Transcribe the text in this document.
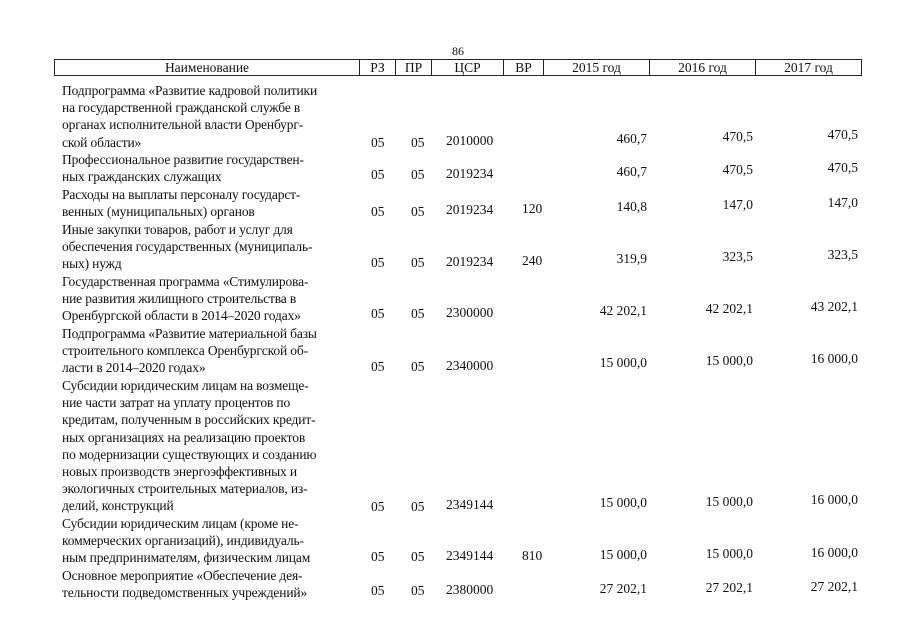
86
Наименование	РЗ	ПР	ЦСР	ВР	2015 год	2016 год	2017 год
Подпрограмма «Развитие кадровой политики
на государственной гражданской службе в
органах исполнительной власти Оренбург-
ской области»	05 05 2010000	460,7	470,5	470,5
Профессиональное развитие государствен-
ных гражданских служащих	05 05 2019234	460,7	470,5	470,5
Расходы на выплаты персоналу государст-
венных (муниципальных) органов	05 05 2019234 120	140,8	147,0	147,0
Иные закупки товаров, работ и услуг для
обеспечения государственных (муниципаль-
ных) нужд	05 05 2019234 240	319,9	323,5	323,5
Государственная программа «Стимулирова-
ние развития жилищного строительства в
Оренбургской области в 2014–2020 годах»	05 05 2300000	42 202,1	42 202,1	43 202,1
Подпрограмма «Развитие материальной базы
строительного комплекса Оренбургской об-
ласти в 2014–2020 годах»	05 05 2340000	15 000,0	15 000,0	16 000,0
Субсидии юридическим лицам на возмеще-
ние части затрат на уплату процентов по
кредитам, полученным в российских кредит-
ных организациях на реализацию проектов
по модернизации существующих и созданию
новых производств энергоэффективных и
экологичных строительных материалов, из-
делий, конструкций	05 05 2349144	15 000,0	15 000,0	16 000,0
Субсидии юридическим лицам (кроме не-
коммерческих организаций), индивидуаль-
ным предпринимателям, физическим лицам	05 05 2349144 810	15 000,0	15 000,0	16 000,0
Основное мероприятие «Обеспечение дея-
тельности подведомственных учреждений»	05 05 2380000	27 202,1	27 202,1	27 202,1
